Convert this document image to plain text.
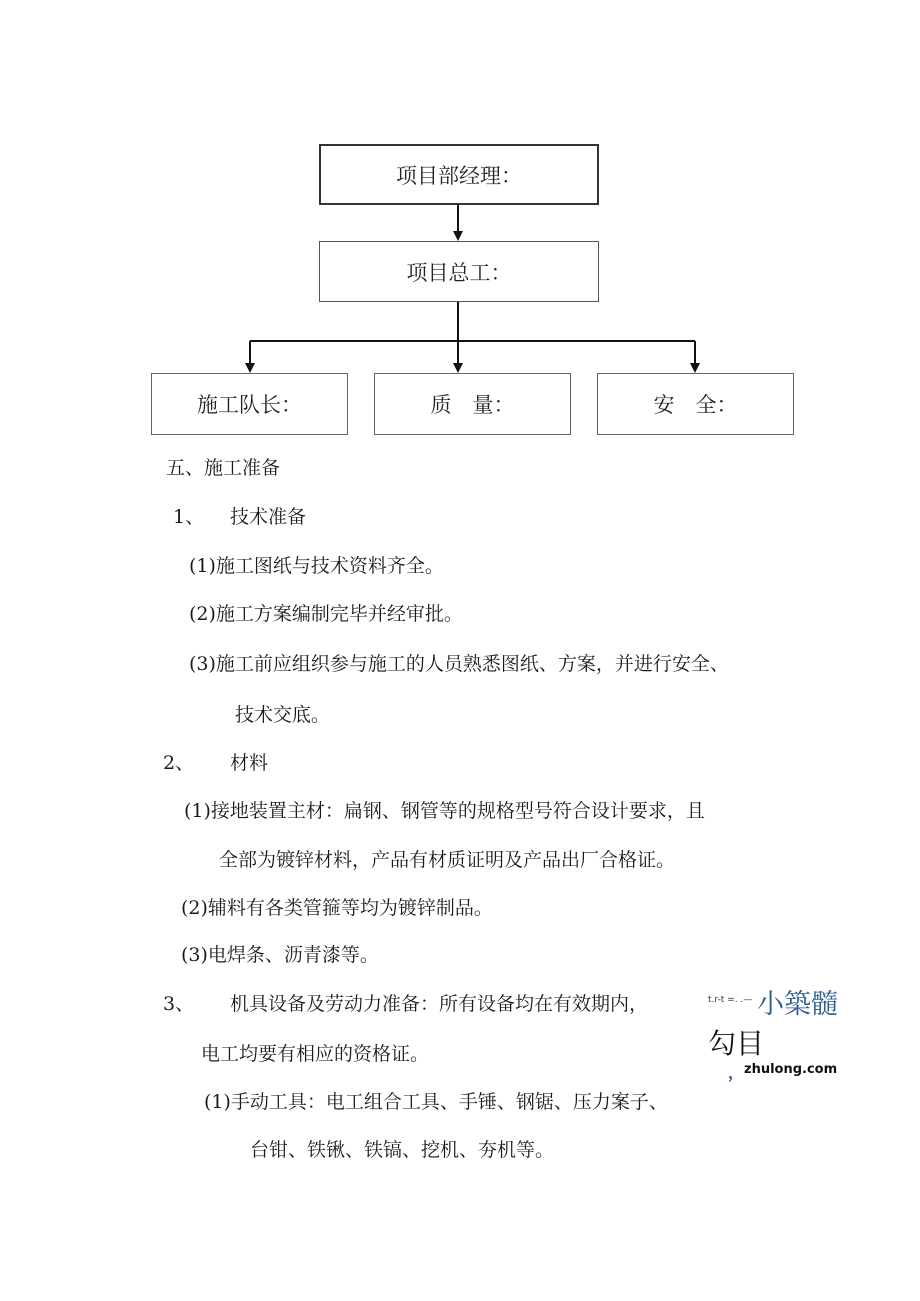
项目部经理：
项目总工：
施工队长：	质　量：	安　全：
五、施工准备
1、 技术准备
(1)施工图纸与技术资料齐全。
(2)施工方案编制完毕并经审批。
(3)施工前应组织参与施工的人员熟悉图纸、方案，并进行安全、
技术交底。
2、 材料
(1)接地装置主材：扁钢、钢管等的规格型号符合设计要求，且
全部为镀锌材料，产品有材质证明及产品出厂合格证。
(2)辅料有各类管箍等均为镀锌制品。
(3)电焊条、沥青漆等。
3、 机具设备及劳动力准备：所有设备均在有效期内，
电工均要有相应的资格证。
(1)手动工具：电工组合工具、手锤、钢锯、压力案子、
台钳、铁锹、铁镐、挖机、夯机等。
t.r-t =. .— 小築髓
勾目
， zhulong.com
